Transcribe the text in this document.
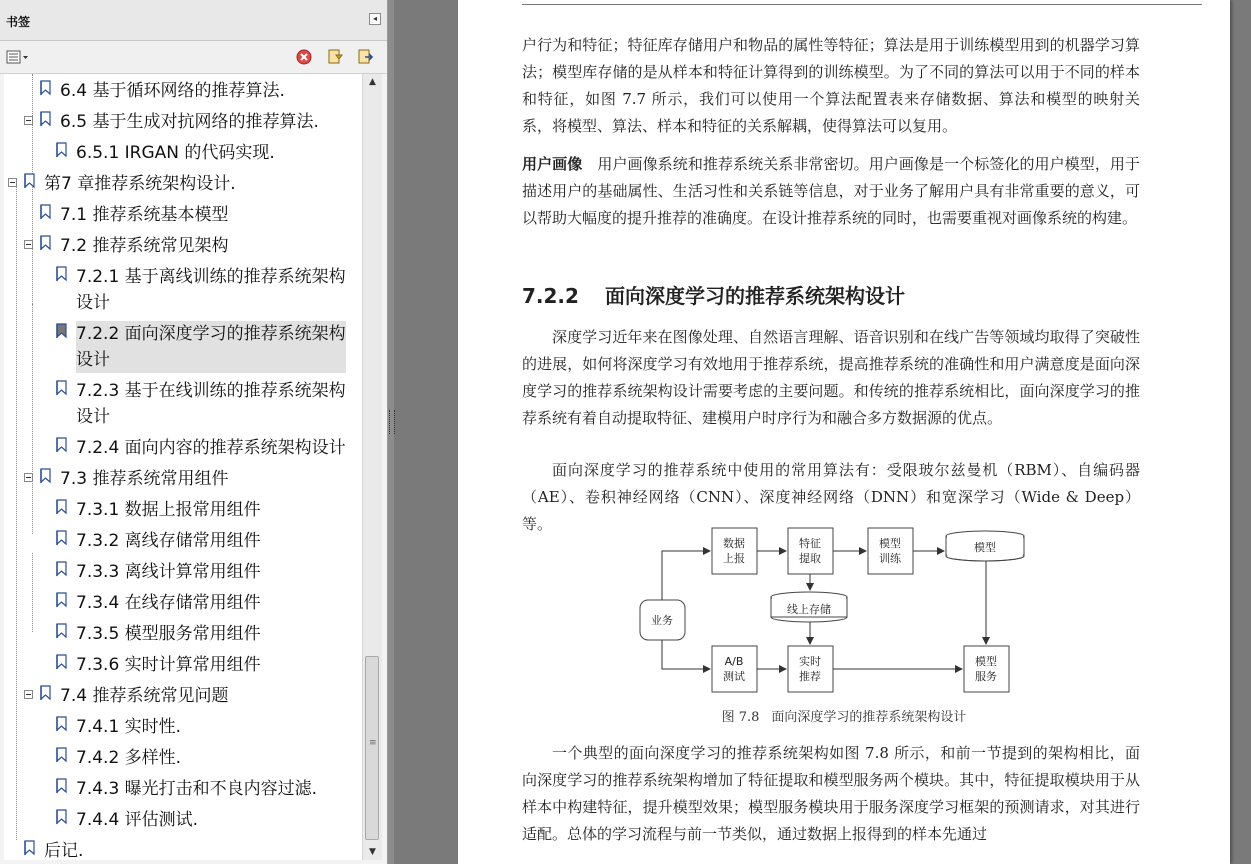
书签	◂
6.4 基于循环网络的推荐算法.
6.5 基于生成对抗网络的推荐算法.
6.5.1 IRGAN 的代码实现.
第7 章推荐系统架构设计.
7.1 推荐系统基本模型
7.2 推荐系统常见架构
7.2.1 基于离线训练的推荐系统架构
设计
7.2.2 面向深度学习的推荐系统架构
设计
7.2.3 基于在线训练的推荐系统架构
设计
7.2.4 面向内容的推荐系统架构设计
7.3 推荐系统常用组件
7.3.1 数据上报常用组件
7.3.2 离线存储常用组件
7.3.3 离线计算常用组件
7.3.4 在线存储常用组件
7.3.5 模型服务常用组件
7.3.6 实时计算常用组件
7.4 推荐系统常见问题
7.4.1 实时性.
7.4.2 多样性.
7.4.3 曝光打击和不良内容过滤.
7.4.4 评估测试.
后记.
▲
≡
▼

户行为和特征；特征库存储用户和物品的属性等特征；算法是用于训练模型用到的机器学习算法；模型库存储的是从样本和特征计算得到的训练模型。为了不同的算法可以用于不同的样本和特征，如图 7.7 所示，我们可以使用一个算法配置表来存储数据、算法和模型的映射关系，将模型、算法、样本和特征的关系解耦，使得算法可以复用。

用户画像　 用户画像系统和推荐系统关系非常密切。用户画像是一个标签化的用户模型，用于描述用户的基础属性、生活习性和关系链等信息，对于业务了解用户具有非常重要的意义，可以帮助大幅度的提升推荐的准确度。在设计推荐系统的同时，也需要重视对画像系统的构建。

7.2.2 面向深度学习的推荐系统架构设计

深度学习近年来在图像处理、自然语言理解、语音识别和在线广告等领域均取得了突破性的进展，如何将深度学习有效地用于推荐系统，提高推荐系统的准确性和用户满意度是面向深度学习的推荐系统架构设计需要考虑的主要问题。和传统的推荐系统相比，面向深度学习的推荐系统有着自动提取特征、建模用户时序行为和融合多方数据源的优点。

面向深度学习的推荐系统中使用的常用算法有：受限玻尔兹曼机（RBM）、自编码器（AE）、卷积神经网络（CNN）、深度神经网络（DNN）和宽深学习（Wide & Deep）等。

业务
数据
上报
特征
提取
模型
训练
模型
线上存储
A/B
测试
实时
推荐
模型
服务
图 7.8 面向深度学习的推荐系统架构设计

一个典型的面向深度学习的推荐系统架构如图 7.8 所示，和前一节提到的架构相比，面向深度学习的推荐系统架构增加了特征提取和模型服务两个模块。其中，特征提取模块用于从样本中构建特征，提升模型效果；模型服务模块用于服务深度学习框架的预测请求，对其进行适配。总体的学习流程与前一节类似，通过数据上报得到的样本先通过
